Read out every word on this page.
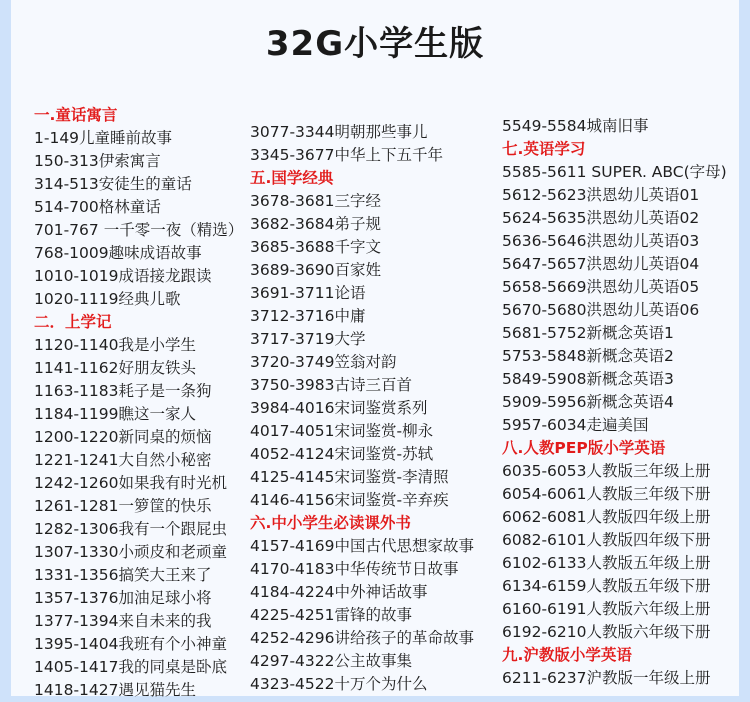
32G小学生版
一.童话寓言
1-149儿童睡前故事
150-313伊索寓言
314-513安徒生的童话
514-700格林童话
701-767 一千零一夜（精选）
768-1009趣味成语故事
1010-1019成语接龙跟读
1020-1119经典儿歌
二．上学记
1120-1140我是小学生
1141-1162好朋友铁头
1163-1183耗子是一条狗
1184-1199瞧这一家人
1200-1220新同桌的烦恼
1221-1241大自然小秘密
1242-1260如果我有时光机
1261-1281一箩筐的快乐
1282-1306我有一个跟屁虫
1307-1330小顽皮和老顽童
1331-1356搞笑大王来了
1357-1376加油足球小将
1377-1394来自未来的我
1395-1404我班有个小神童
1405-1417我的同桌是卧底
1418-1427遇见猫先生
3077-3344明朝那些事儿
3345-3677中华上下五千年
五.国学经典
3678-3681三字经
3682-3684弟子规
3685-3688千字文
3689-3690百家姓
3691-3711论语
3712-3716中庸
3717-3719大学
3720-3749笠翁对韵
3750-3983古诗三百首
3984-4016宋词鉴赏系列
4017-4051宋词鉴赏-柳永
4052-4124宋词鉴赏-苏轼
4125-4145宋词鉴赏-李清照
4146-4156宋词鉴赏-辛弃疾
六.中小学生必读课外书
4157-4169中国古代思想家故事
4170-4183中华传统节日故事
4184-4224中外神话故事
4225-4251雷锋的故事
4252-4296讲给孩子的革命故事
4297-4322公主故事集
4323-4522十万个为什么
5549-5584城南旧事
七.英语学习
5585-5611 SUPER. ABC(字母)
5612-5623洪恩幼儿英语01
5624-5635洪恩幼儿英语02
5636-5646洪恩幼儿英语03
5647-5657洪恩幼儿英语04
5658-5669洪恩幼儿英语05
5670-5680洪恩幼儿英语06
5681-5752新概念英语1
5753-5848新概念英语2
5849-5908新概念英语3
5909-5956新概念英语4
5957-6034走遍美国
八.人教PEP版小学英语
6035-6053人教版三年级上册
6054-6061人教版三年级下册
6062-6081人教版四年级上册
6082-6101人教版四年级下册
6102-6133人教版五年级上册
6134-6159人教版五年级下册
6160-6191人教版六年级上册
6192-6210人教版六年级下册
九.沪教版小学英语
6211-6237沪教版一年级上册
